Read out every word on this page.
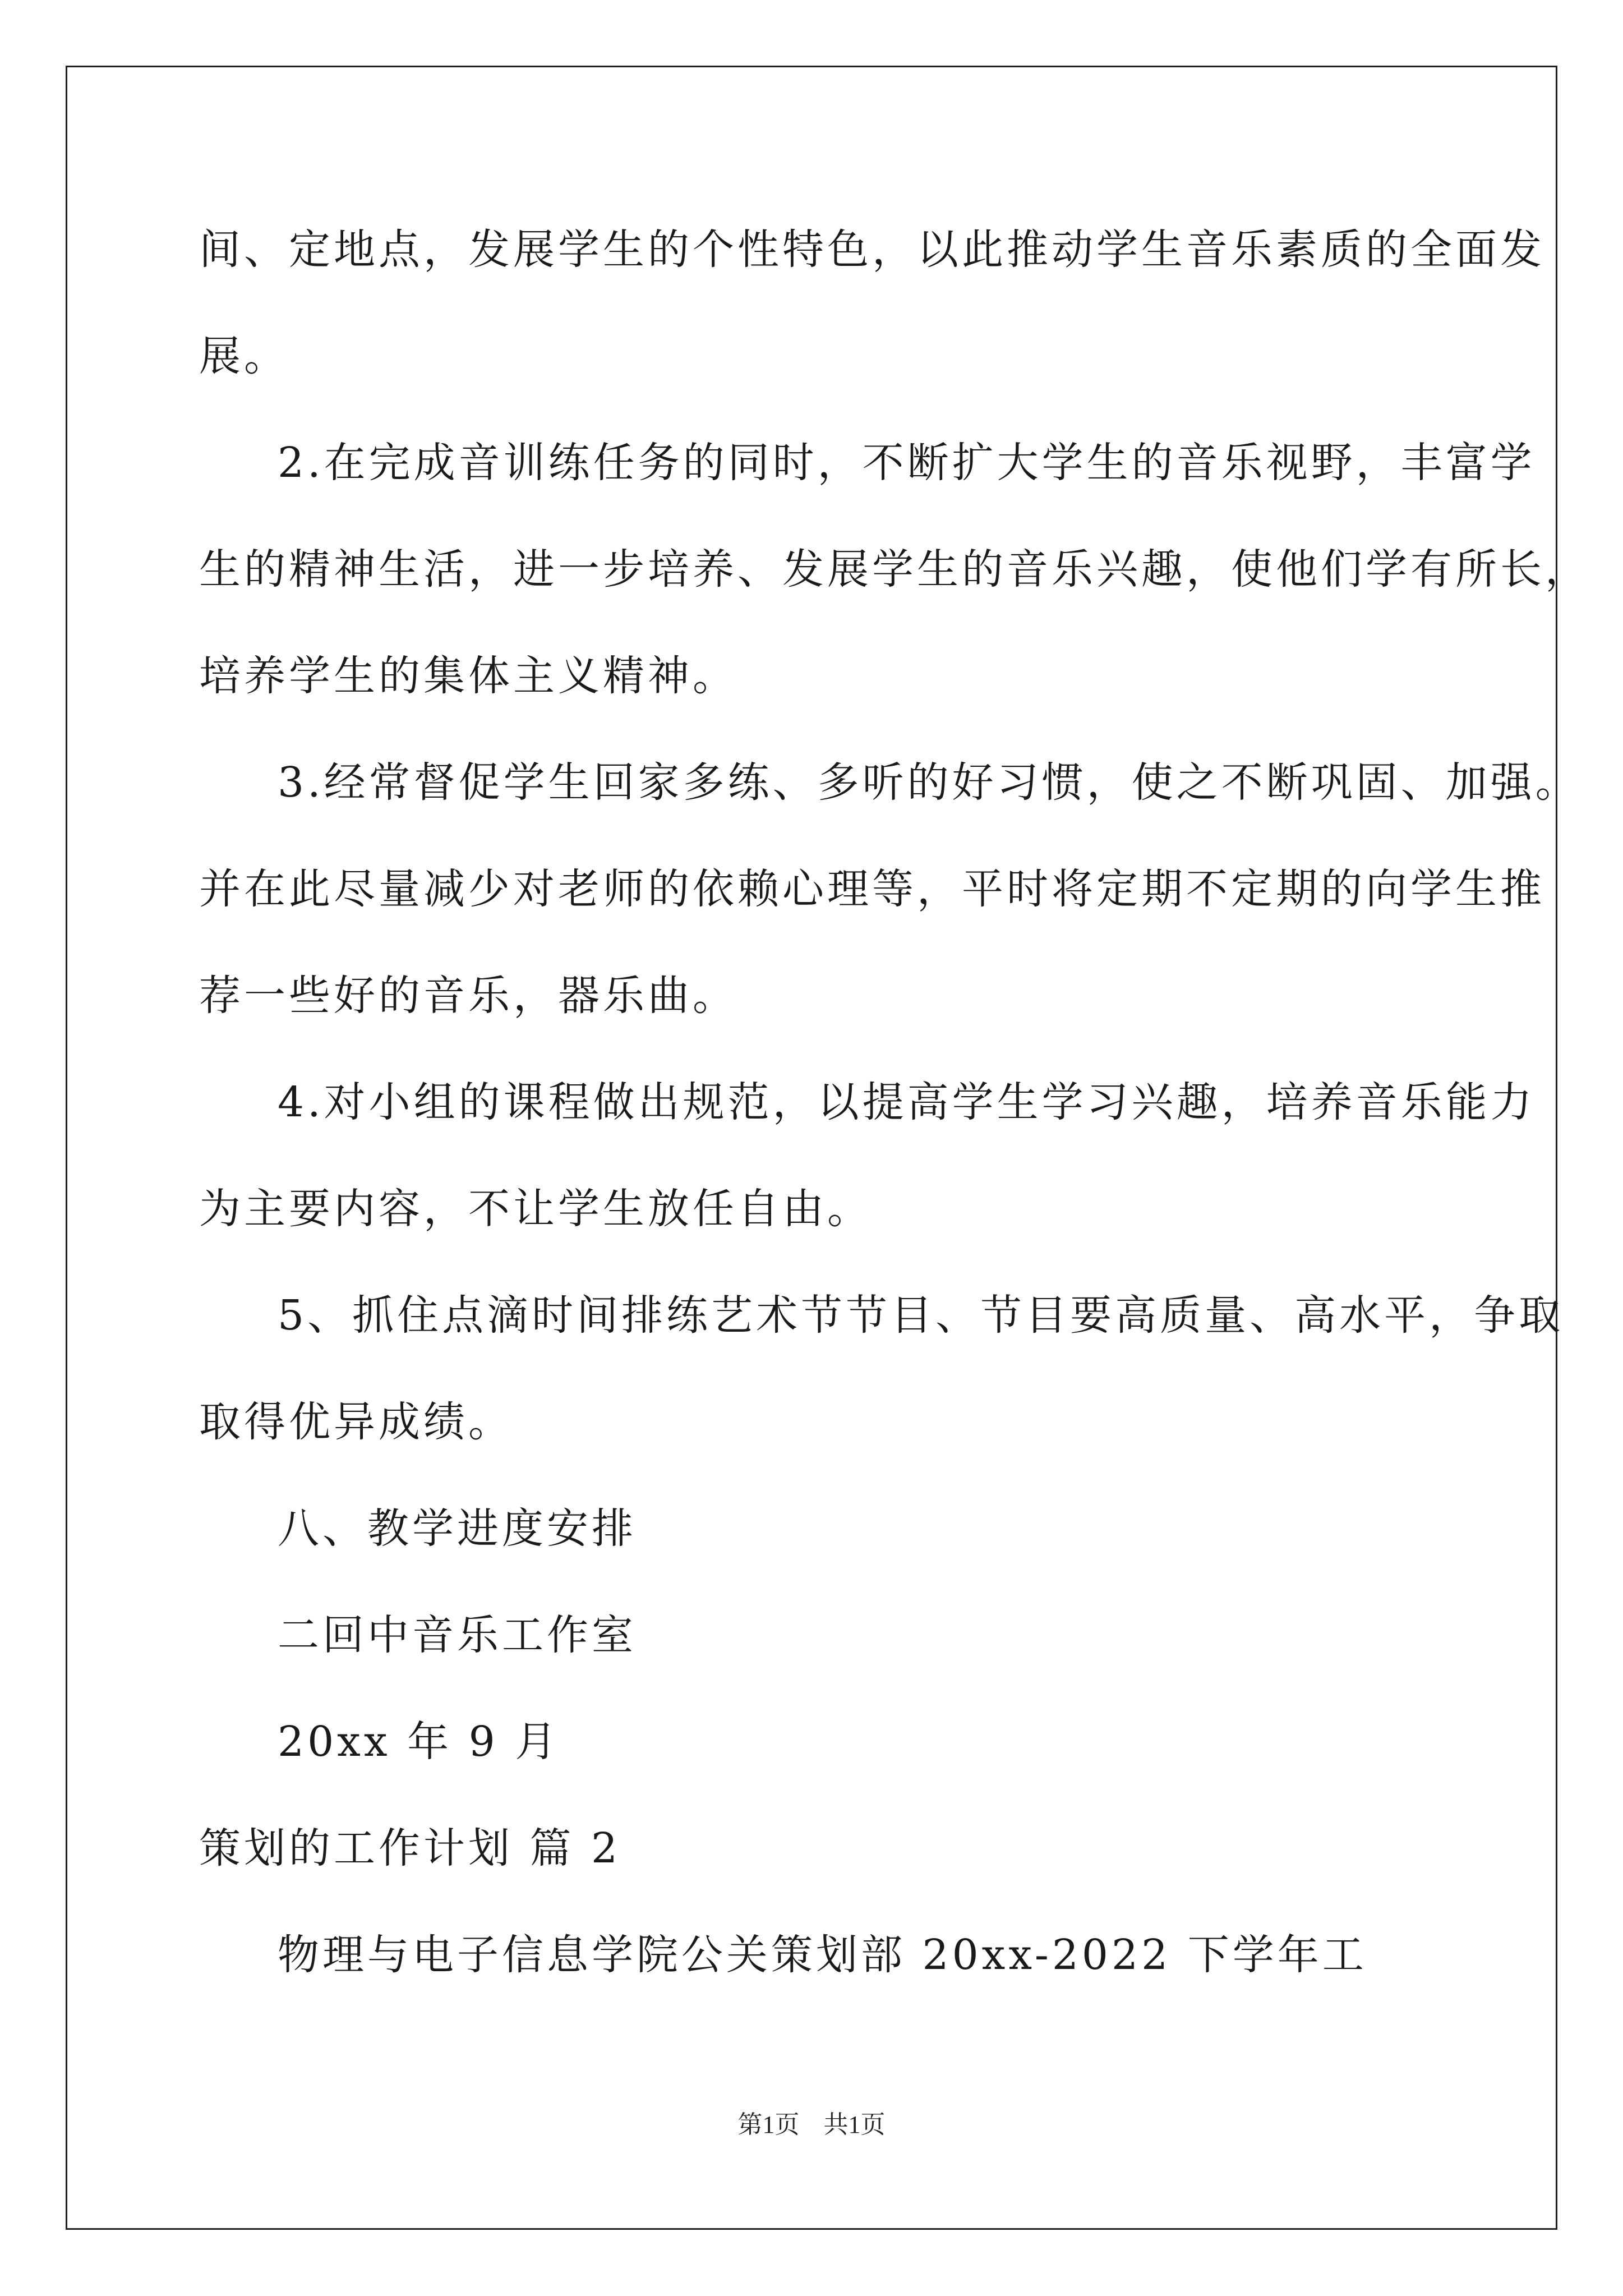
间、定地点，发展学生的个性特色，以此推动学生音乐素质的全面发
展。
2.在完成音训练任务的同时，不断扩大学生的音乐视野，丰富学
生的精神生活，进一步培养、发展学生的音乐兴趣，使他们学有所长，
培养学生的集体主义精神。
3.经常督促学生回家多练、多听的好习惯，使之不断巩固、加强。
并在此尽量减少对老师的依赖心理等，平时将定期不定期的向学生推
荐一些好的音乐，器乐曲。
4.对小组的课程做出规范，以提高学生学习兴趣，培养音乐能力
为主要内容，不让学生放任自由。
5、抓住点滴时间排练艺术节节目、节目要高质量、高水平，争取
取得优异成绩。
八、教学进度安排
二回中音乐工作室
20xx 年 9 月
策划的工作计划 篇 2
物理与电子信息学院公关策划部 20xx-2022 下学年工
第1页 共1页
